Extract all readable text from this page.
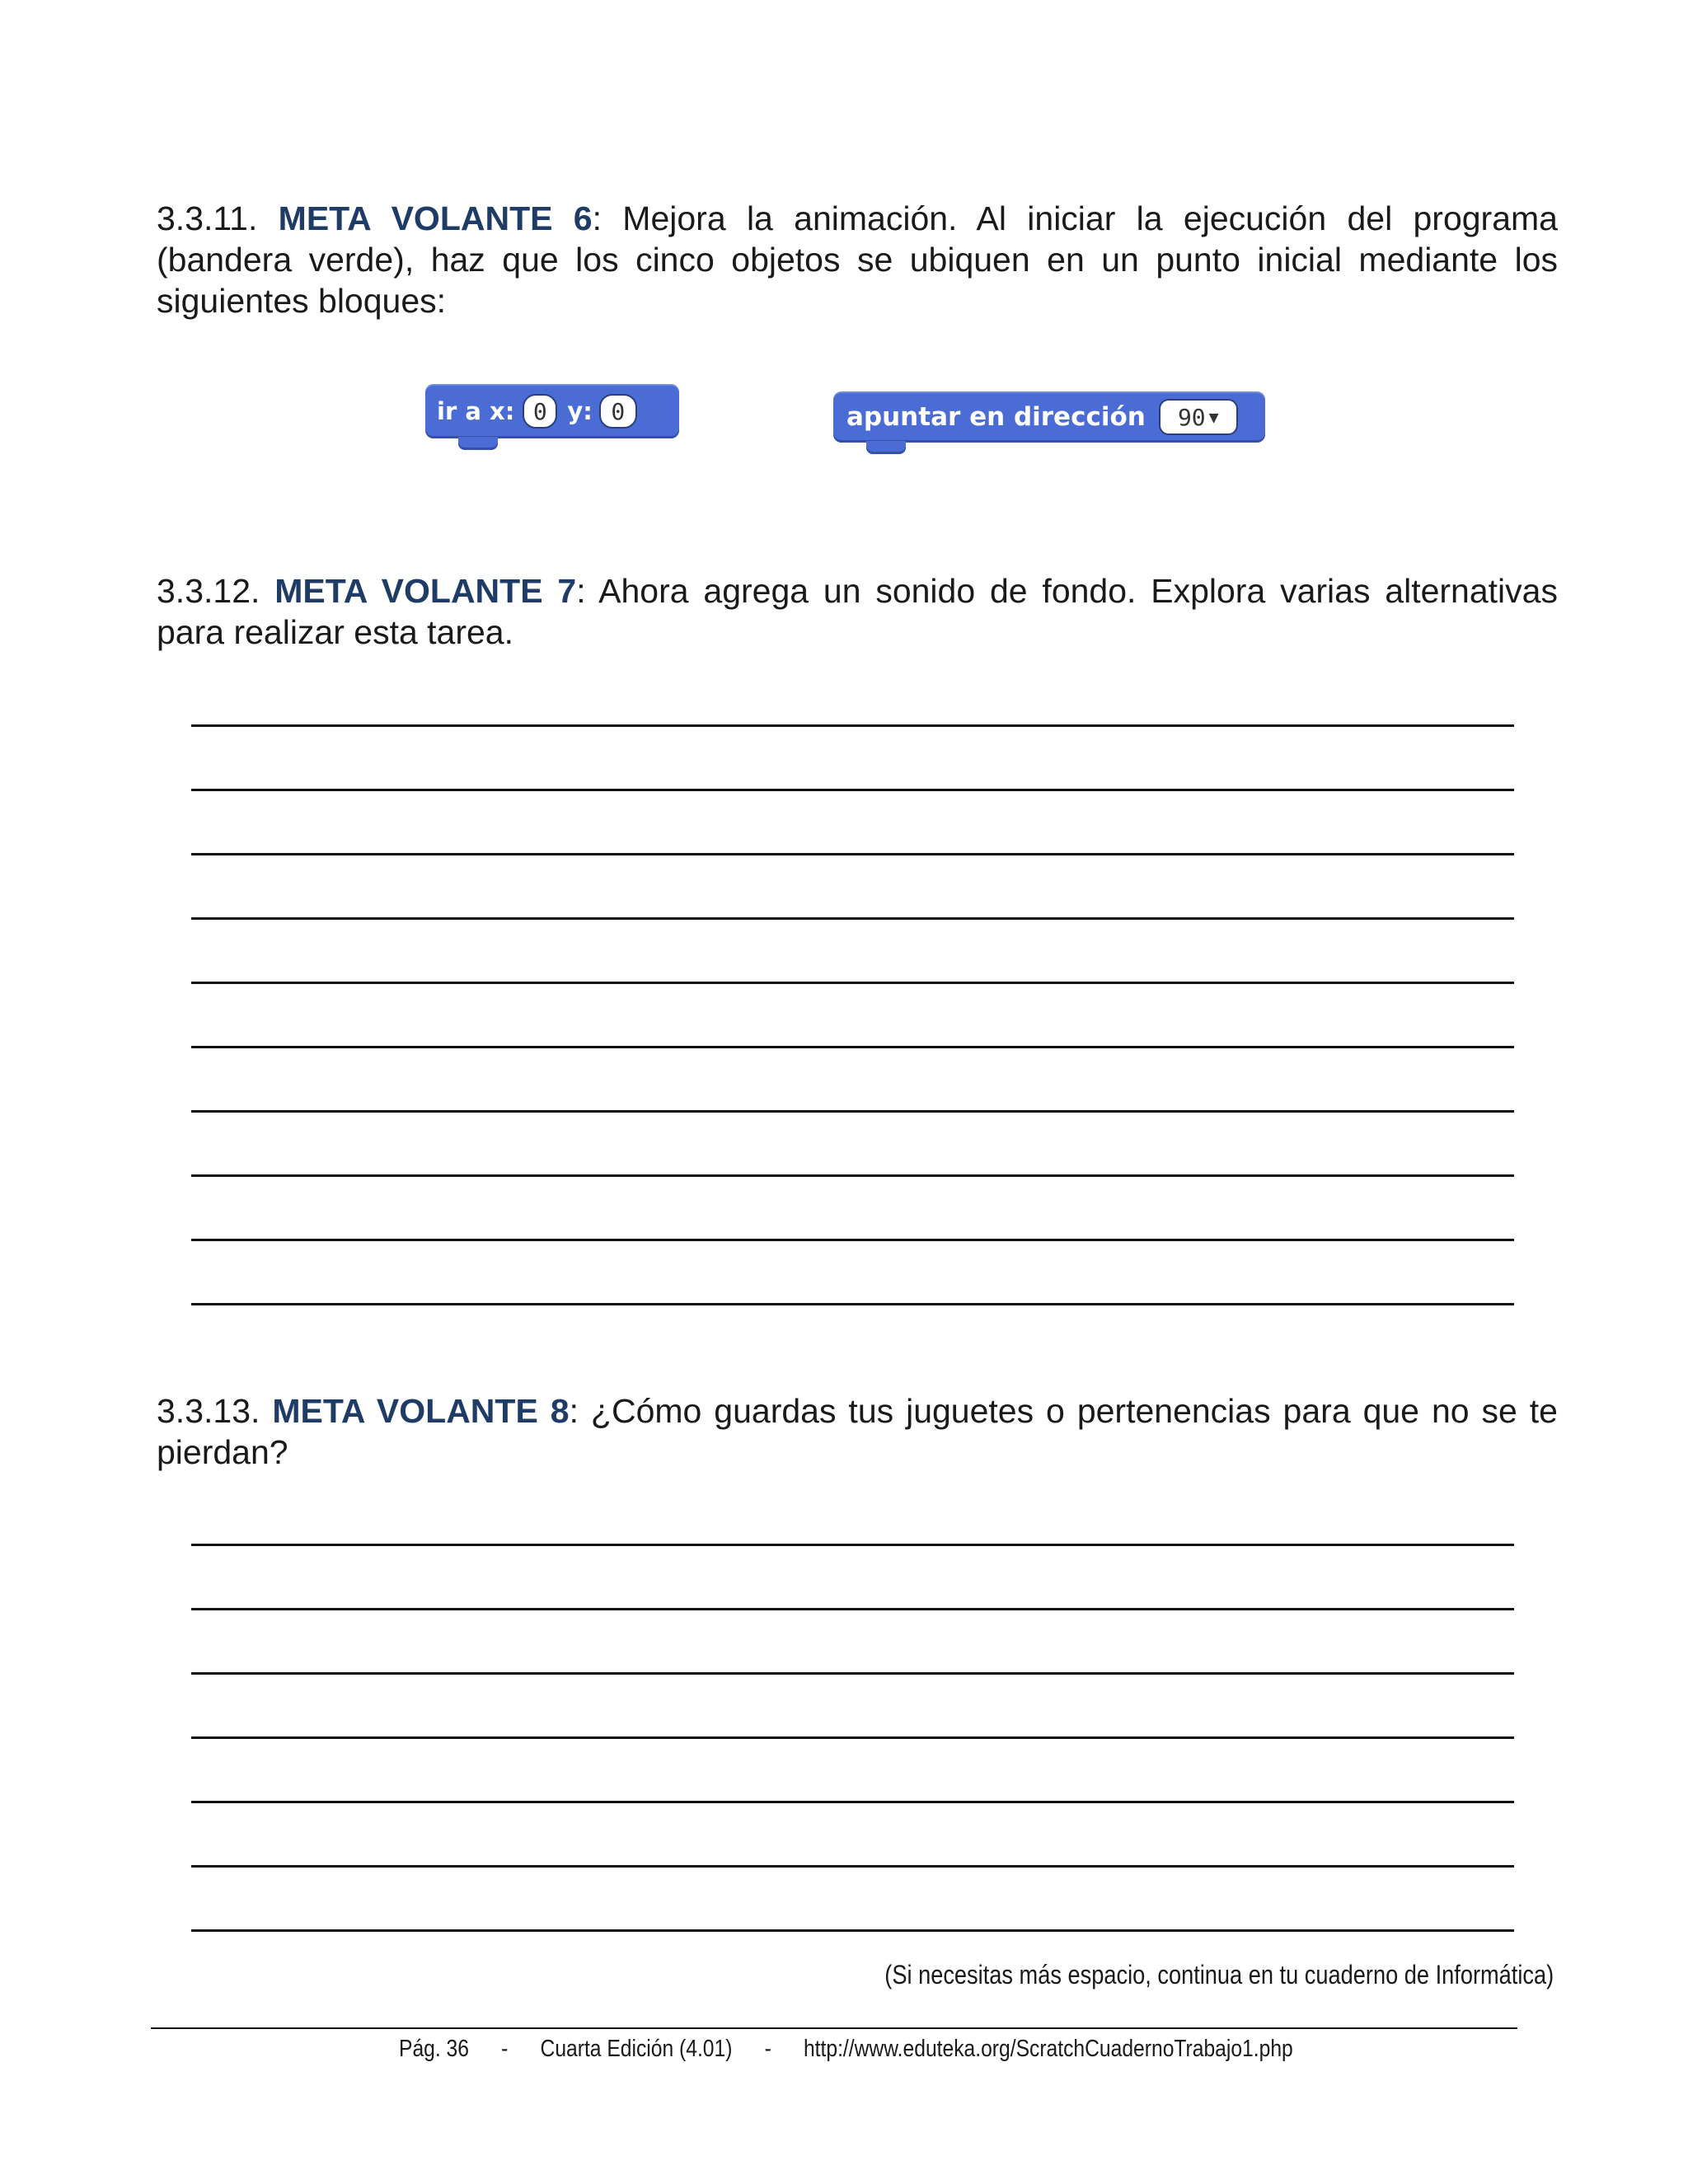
3.3.11. META VOLANTE 6: Mejora la animación. Al iniciar la ejecución del programa (bandera verde), haz que los cinco objetos se ubiquen en un punto inicial mediante los siguientes bloques:

ir a x: 0 y: 0	apuntar en dirección 90 ▼

3.3.12. META VOLANTE 7: Ahora agrega un sonido de fondo. Explora varias alternativas para realizar esta tarea.

3.3.13. META VOLANTE 8: ¿Cómo guardas tus juguetes o pertenencias para que no se te pierdan?

(Si necesitas más espacio, continua en tu cuaderno de Informática)
Pág. 36 - Cuarta Edición (4.01) - http://www.eduteka.org/ScratchCuadernoTrabajo1.php
